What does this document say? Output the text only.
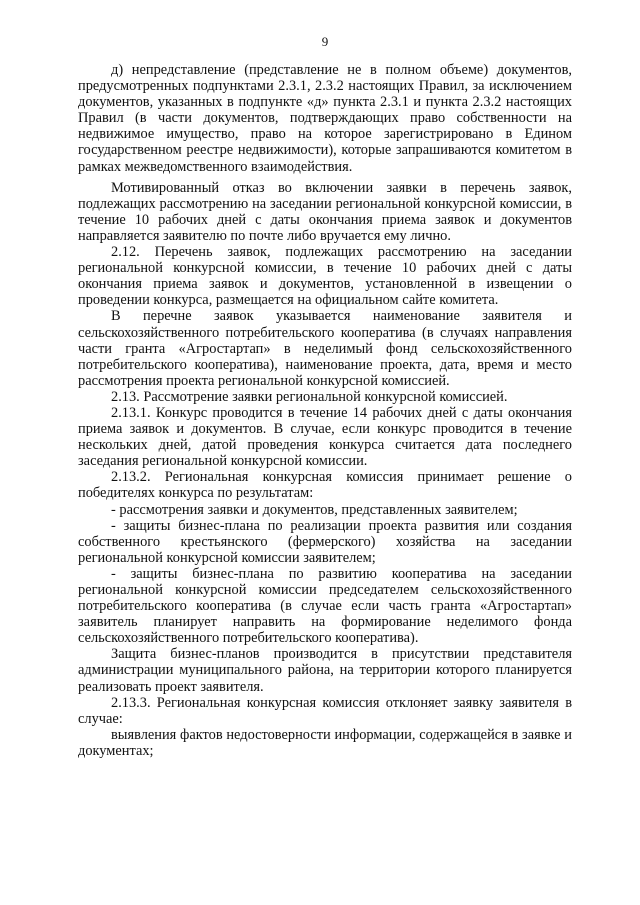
9

д) непредставление (представление не в полном объеме) документов, предусмотренных подпунктами 2.3.1, 2.3.2 настоящих Правил, за исключением документов, указанных в подпункте «д» пункта 2.3.1 и пункта 2.3.2 настоящих Правил (в части документов, подтверждающих право собственности на недвижимое имущество, право на которое зарегистрировано в Едином государственном реестре недвижимости), которые запрашиваются комитетом в рамках межведомственного взаимодействия.

Мотивированный отказ во включении заявки в перечень заявок, подлежащих рассмотрению на заседании региональной конкурсной комиссии, в течение 10 рабочих дней с даты окончания приема заявок и документов направляется заявителю по почте либо вручается ему лично.

2.12. Перечень заявок, подлежащих рассмотрению на заседании региональной конкурсной комиссии, в течение 10 рабочих дней с даты окончания приема заявок и документов, установленной в извещении о проведении конкурса, размещается на официальном сайте комитета.

В перечне заявок указывается наименование заявителя и сельскохозяйственного потребительского кооператива (в случаях направления части гранта «Агростартап» в неделимый фонд сельскохозяйственного потребительского кооператива), наименование проекта, дата, время и место рассмотрения проекта региональной конкурсной комиссией.

2.13. Рассмотрение заявки региональной конкурсной комиссией.

2.13.1. Конкурс проводится в течение 14 рабочих дней с даты окончания приема заявок и документов. В случае, если конкурс проводится в течение нескольких дней, датой проведения конкурса считается дата последнего заседания региональной конкурсной комиссии.

2.13.2. Региональная конкурсная комиссия принимает решение о победителях конкурса по результатам:

- рассмотрения заявки и документов, представленных заявителем;

- защиты бизнес-плана по реализации проекта развития или создания собственного крестьянского (фермерского) хозяйства на заседании региональной конкурсной комиссии заявителем;

- защиты бизнес-плана по развитию кооператива на заседании региональной конкурсной комиссии председателем сельскохозяйственного потребительского кооператива (в случае если часть гранта «Агростартап» заявитель планирует направить на формирование неделимого фонда сельскохозяйственного потребительского кооператива).

Защита бизнес-планов производится в присутствии представителя администрации муниципального района, на территории которого планируется реализовать проект заявителя.

2.13.3. Региональная конкурсная комиссия отклоняет заявку заявителя в случае:

выявления фактов недостоверности информации, содержащейся в заявке и документах;
